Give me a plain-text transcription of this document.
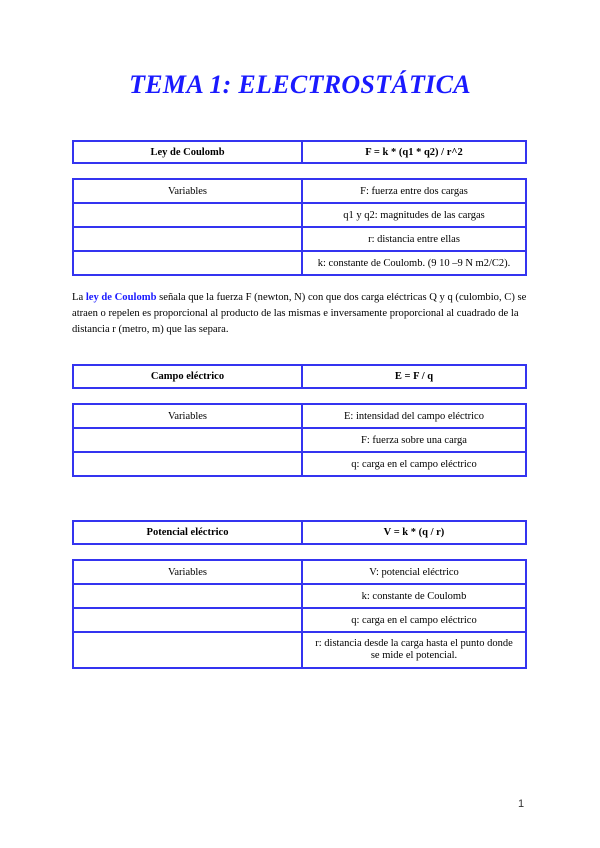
TEMA 1: ELECTROSTÁTICA
Ley de Coulomb	F = k * (q1 * q2) / r^2
Variables	F: fuerza entre dos cargas
	q1 y q2: magnitudes de las cargas
	r: distancia entre ellas
	k: constante de Coulomb. (9 10 –9 N m2/C2).
La ley de Coulomb señala que la fuerza F (newton, N) con que dos carga eléctricas Q y q (culombio, C) se atraen o repelen es proporcional al producto de las mismas e inversamente proporcional al cuadrado de la distancia r (metro, m) que las separa.
Campo eléctrico	E = F / q
Variables	E: intensidad del campo eléctrico
	F: fuerza sobre una carga
	q: carga en el campo eléctrico
Potencial eléctrico	V = k * (q / r)
Variables	V: potencial eléctrico
	k: constante de Coulomb
	q: carga en el campo eléctrico
	r: distancia desde la carga hasta el punto donde se mide el potencial.
1
